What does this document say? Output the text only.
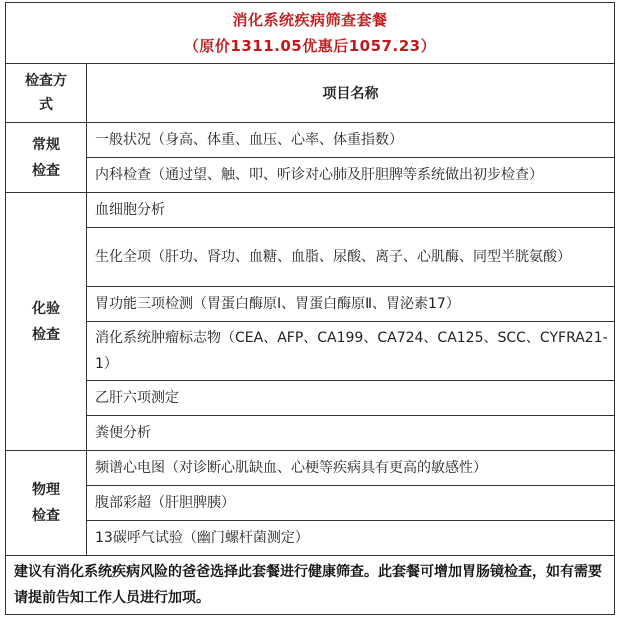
消化系统疾病筛查套餐
（原价1311.05优惠后1057.23）	

检查方式	项目名称
常规检查	一般状况（身高、体重、血压、心率、体重指数）
	内科检查（通过望、触、叩、听诊对心肺及肝胆脾等系统做出初步检查）
化验检查	血细胞分析
	生化全项（肝功、肾功、血糖、血脂、尿酸、离子、心肌酶、同型半胱氨酸）
	胃功能三项检测（胃蛋白酶原Ⅰ、胃蛋白酶原Ⅱ、胃泌素17）
	消化系统肿瘤标志物（CEA、AFP、CA199、CA724、CA125、SCC、CYFRA21-1）
	乙肝六项测定
	粪便分析
物理检查	频谱心电图（对诊断心肌缺血、心梗等疾病具有更高的敏感性）
	腹部彩超（肝胆脾胰）
	13碳呼气试验（幽门螺杆菌测定）
建议有消化系统疾病风险的爸爸选择此套餐进行健康筛查。此套餐可增加胃肠镜检查，如有需要请提前告知工作人员进行加项。	
